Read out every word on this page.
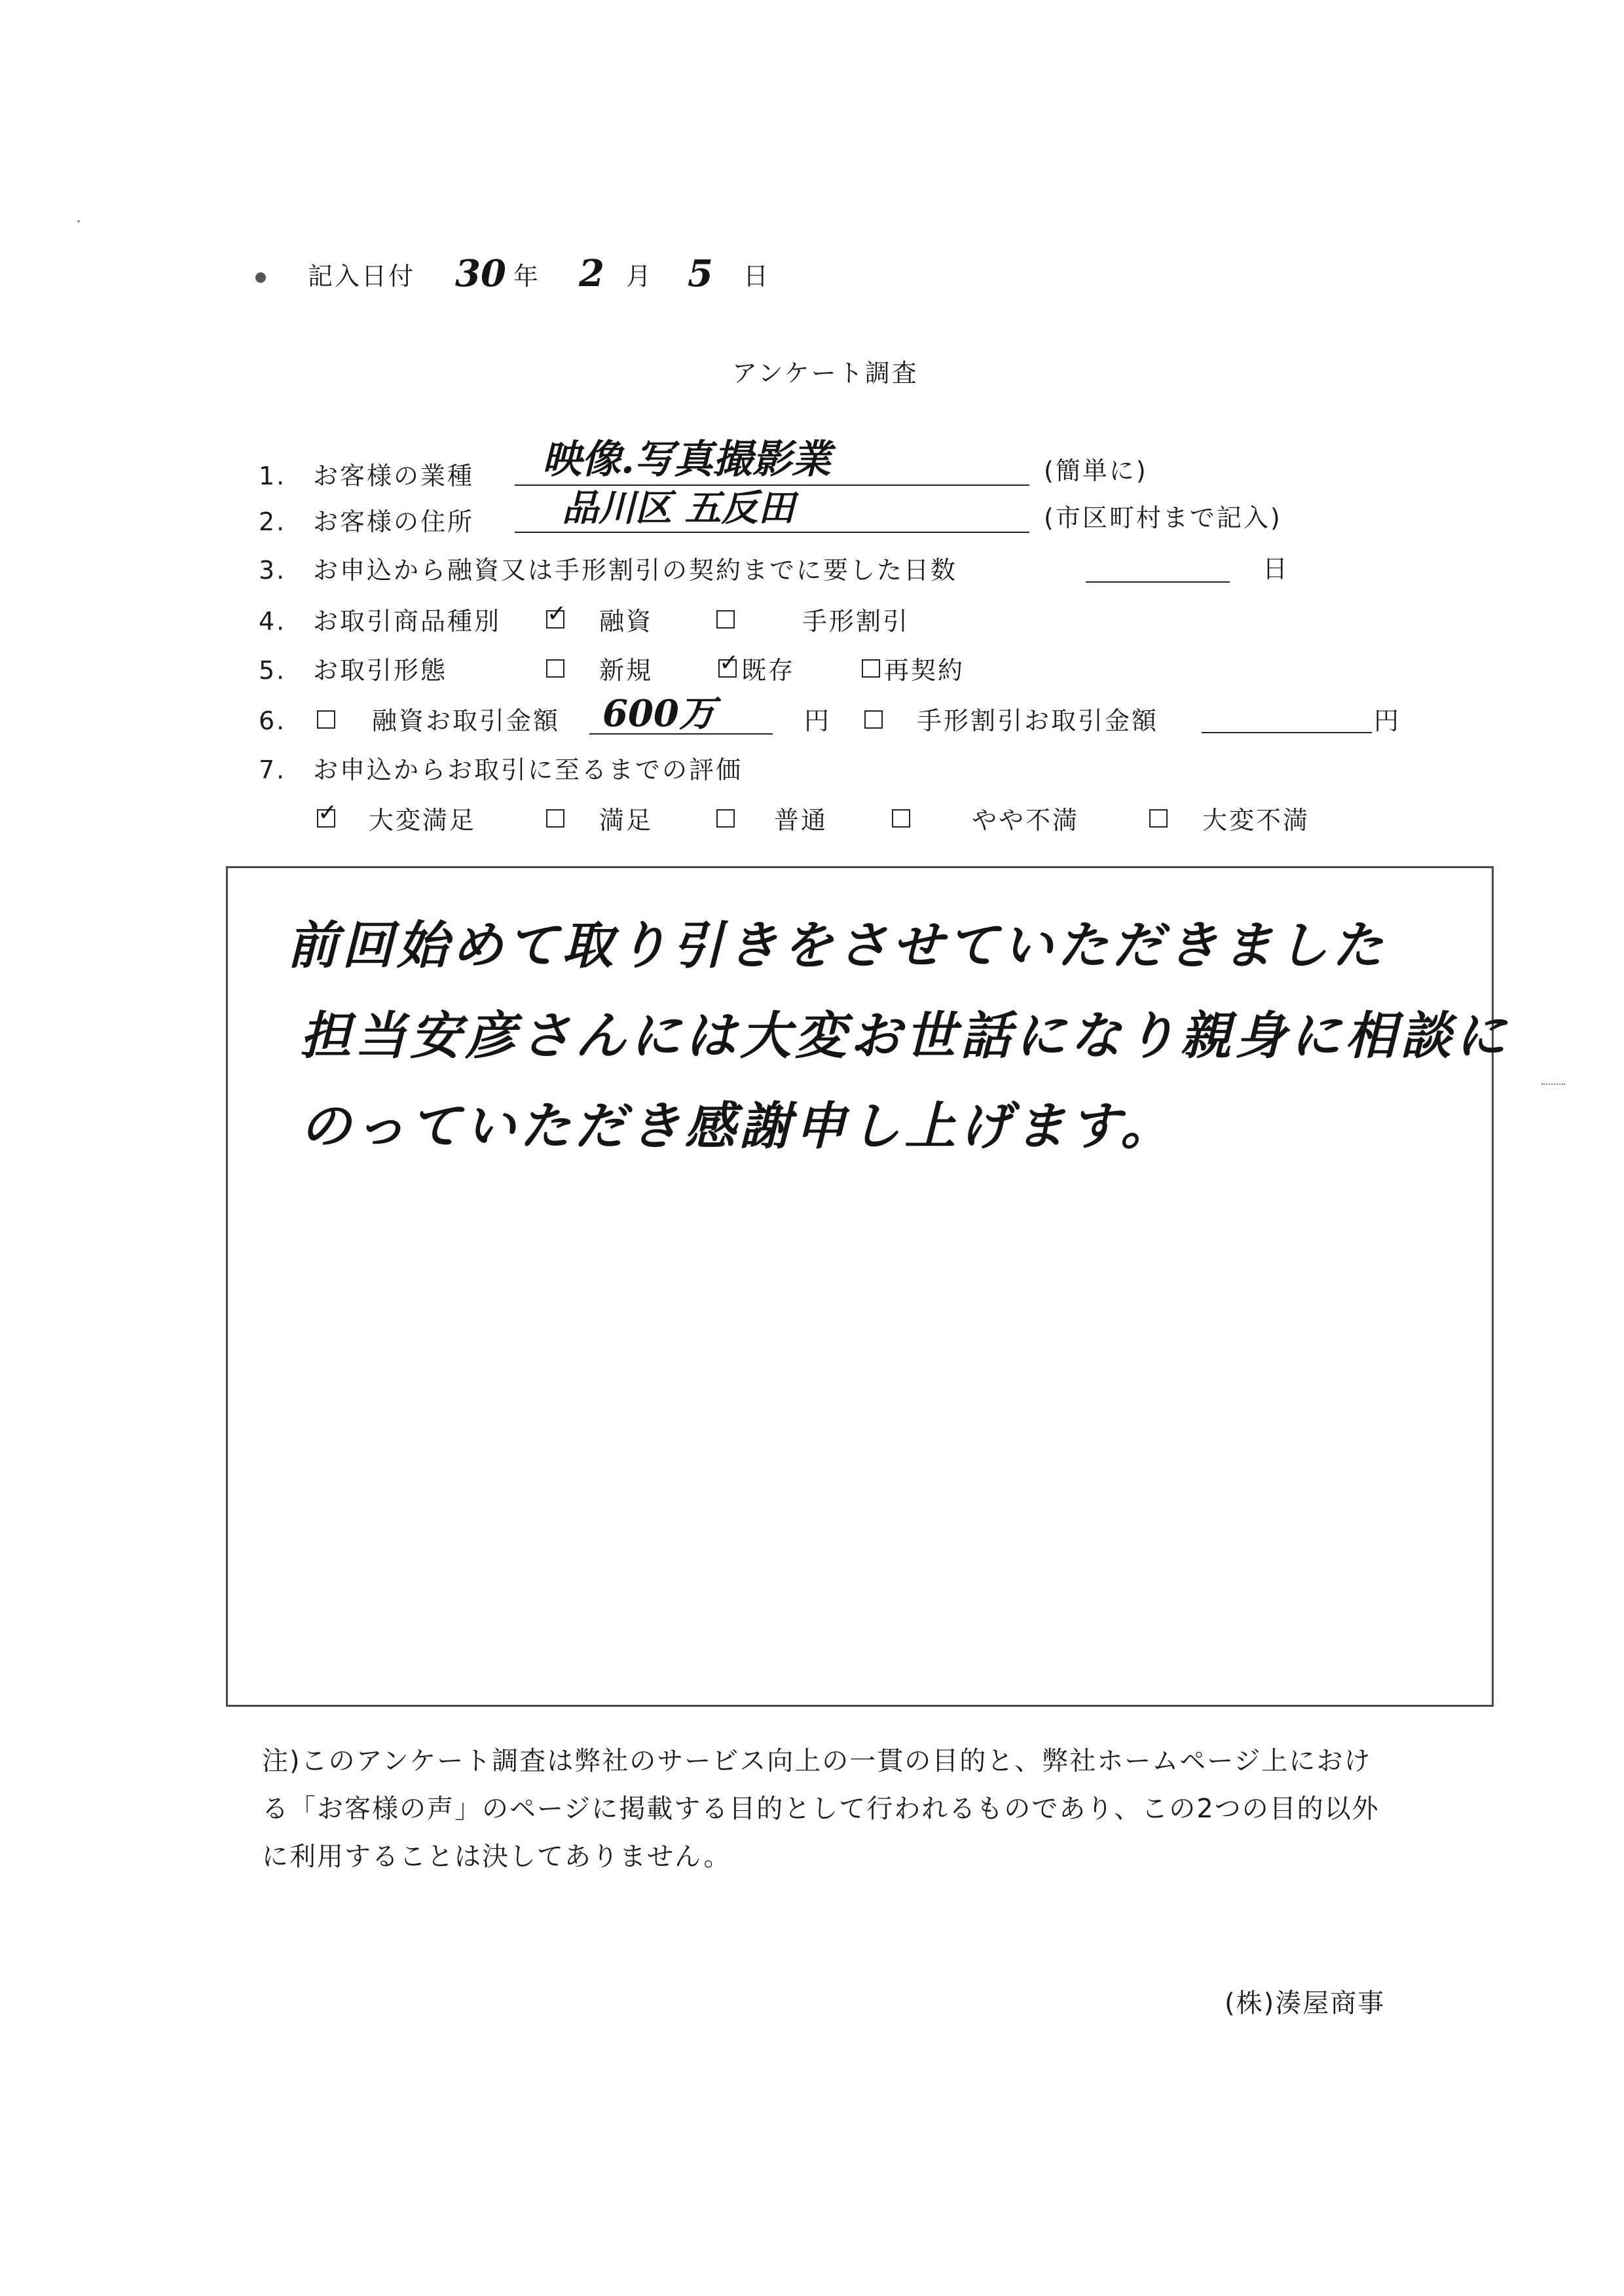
記入日付 30 年 2 月 5 日
アンケート調査
1. お客様の業種 映像.写真撮影業	(簡単に)
2. お客様の住所 品川区 五反田	(市区町村まで記入)
3. お申込から融資又は手形割引の契約までに要した日数	日
4. お取引商品種別 ✓ 融資	手形割引
5. お取引形態	新規	✓ 既存	再契約
6.	融資お取引金額 600万	円	手形割引お取引金額	円
7. お申込からお取引に至るまでの評価
✓ 大変満足	満足	普通	やや不満	大変不満
前回始めて取り引きをさせていただきました
担当安彦さんには大変お世話になり親身に相談に
のっていただき感謝申し上げます。
注)このアンケート調査は弊社のサービス向上の一貫の目的と、弊社ホームページ上におけ
る「お客様の声」のページに掲載する目的として行われるものであり、この2つの目的以外
に利用することは決してありません。
(株)湊屋商事
